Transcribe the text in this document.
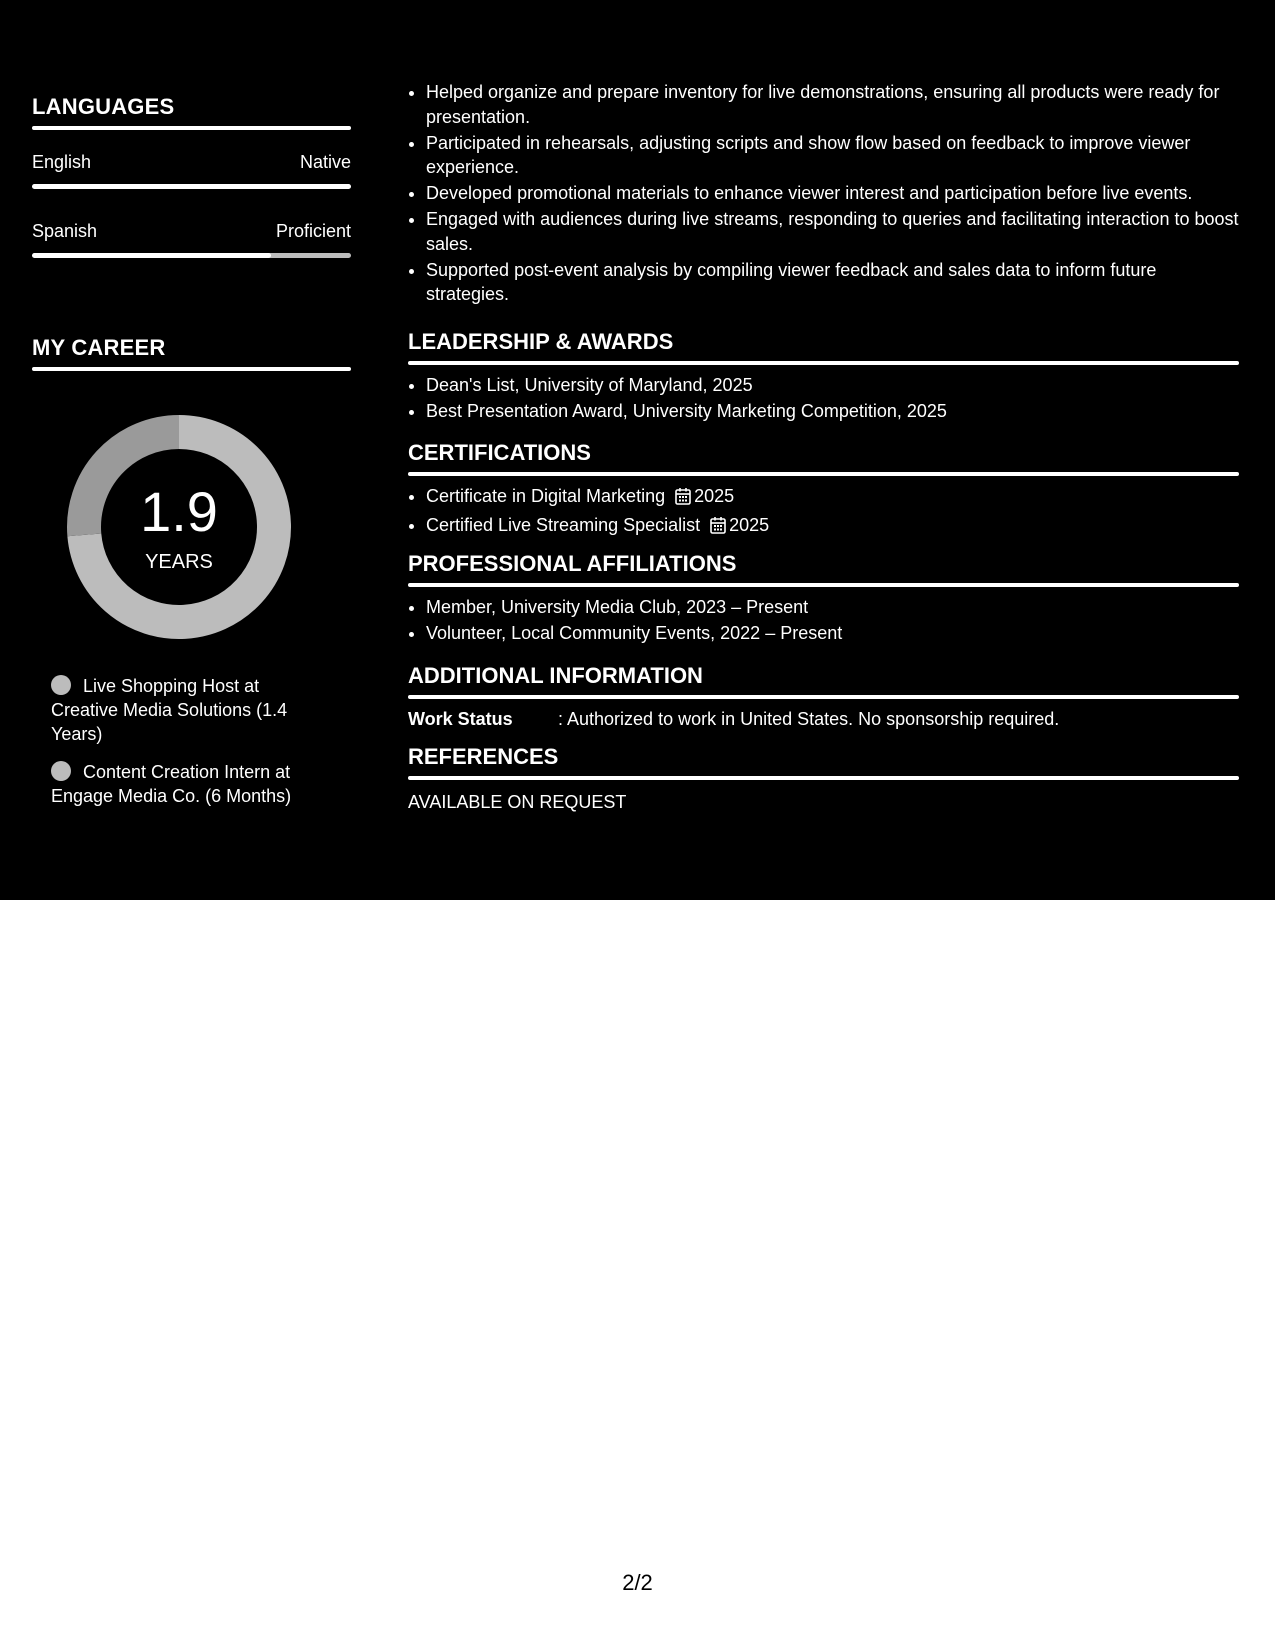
LANGUAGES
English	Native
Spanish	Proficient
MY CAREER
1.9
YEARS
Live Shopping Host at Creative Media Solutions (1.4 Years)
Content Creation Intern at Engage Media Co. (6 Months)
• Helped organize and prepare inventory for live demonstrations, ensuring all products were ready for presentation.
• Participated in rehearsals, adjusting scripts and show flow based on feedback to improve viewer experience.
• Developed promotional materials to enhance viewer interest and participation before live events.
• Engaged with audiences during live streams, responding to queries and facilitating interaction to boost sales.
• Supported post-event analysis by compiling viewer feedback and sales data to inform future strategies.
LEADERSHIP & AWARDS
• Dean's List, University of Maryland, 2025
• Best Presentation Award, University Marketing Competition, 2025
CERTIFICATIONS
• Certificate in Digital Marketing 2025
• Certified Live Streaming Specialist 2025
PROFESSIONAL AFFILIATIONS
• Member, University Media Club, 2023 – Present
• Volunteer, Local Community Events, 2022 – Present
ADDITIONAL INFORMATION
Work Status	: Authorized to work in United States. No sponsorship required.
REFERENCES
AVAILABLE ON REQUEST
2/2
